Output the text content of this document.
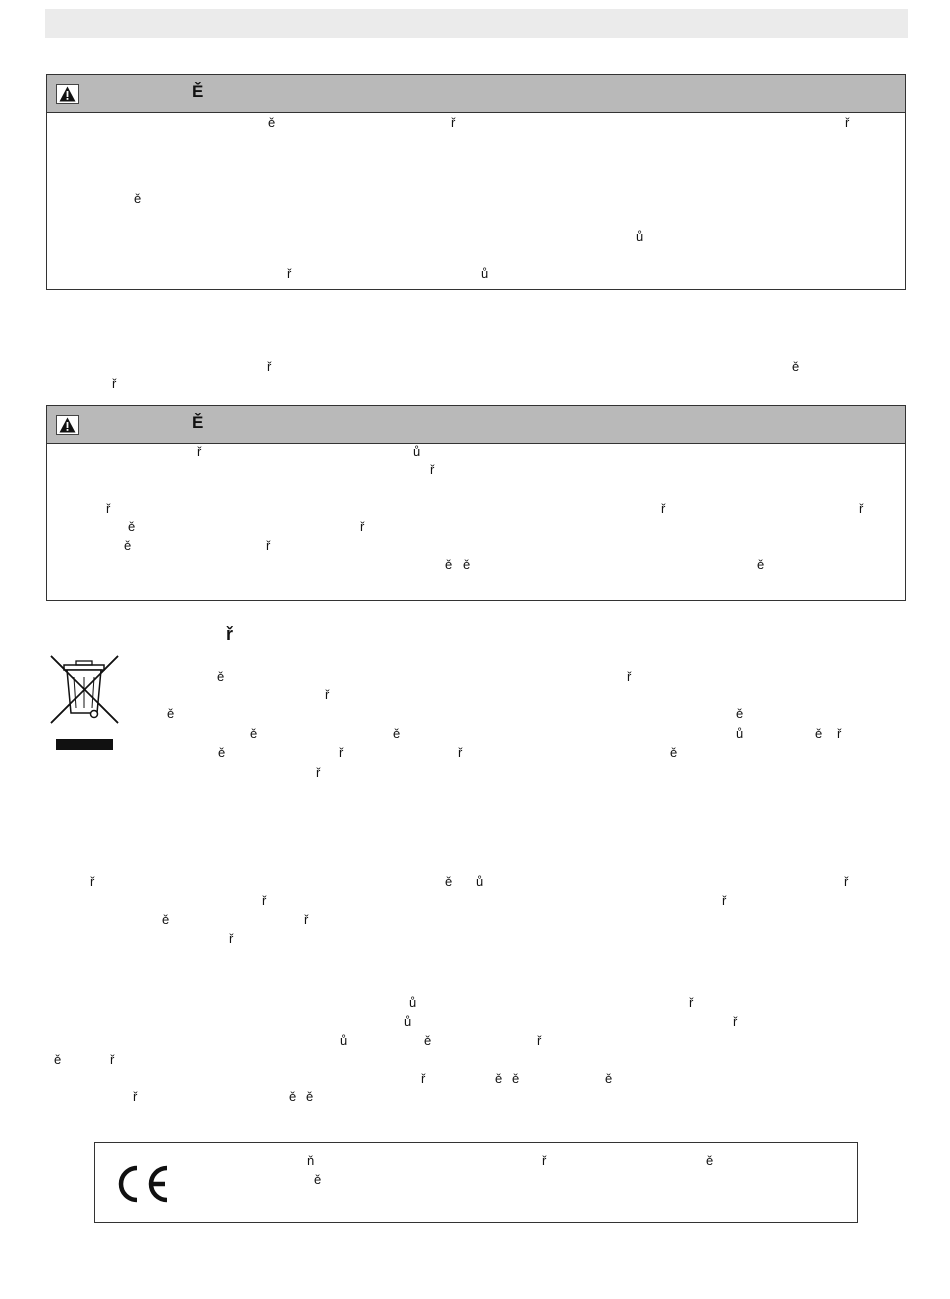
Ě
ě	ř	ř
ě
ů
ř	ů
ř	ě
ř
Ě
ř	ů
ř
ř	ř	ř
ě	ř
ě	ř
ě ě	ě
ř
ě	ř
ř
ě	ě
ě	ě	ů	ě ř
ě	ř	ř	ě
ř
ř	ě ů	ř
ř	ř
ě	ř
ř
ů	ř
ů	ř
ů	ě	ř
ě	ř
ř	ě ě	ě
ř	ě ě
ň	ř	ě
ě
